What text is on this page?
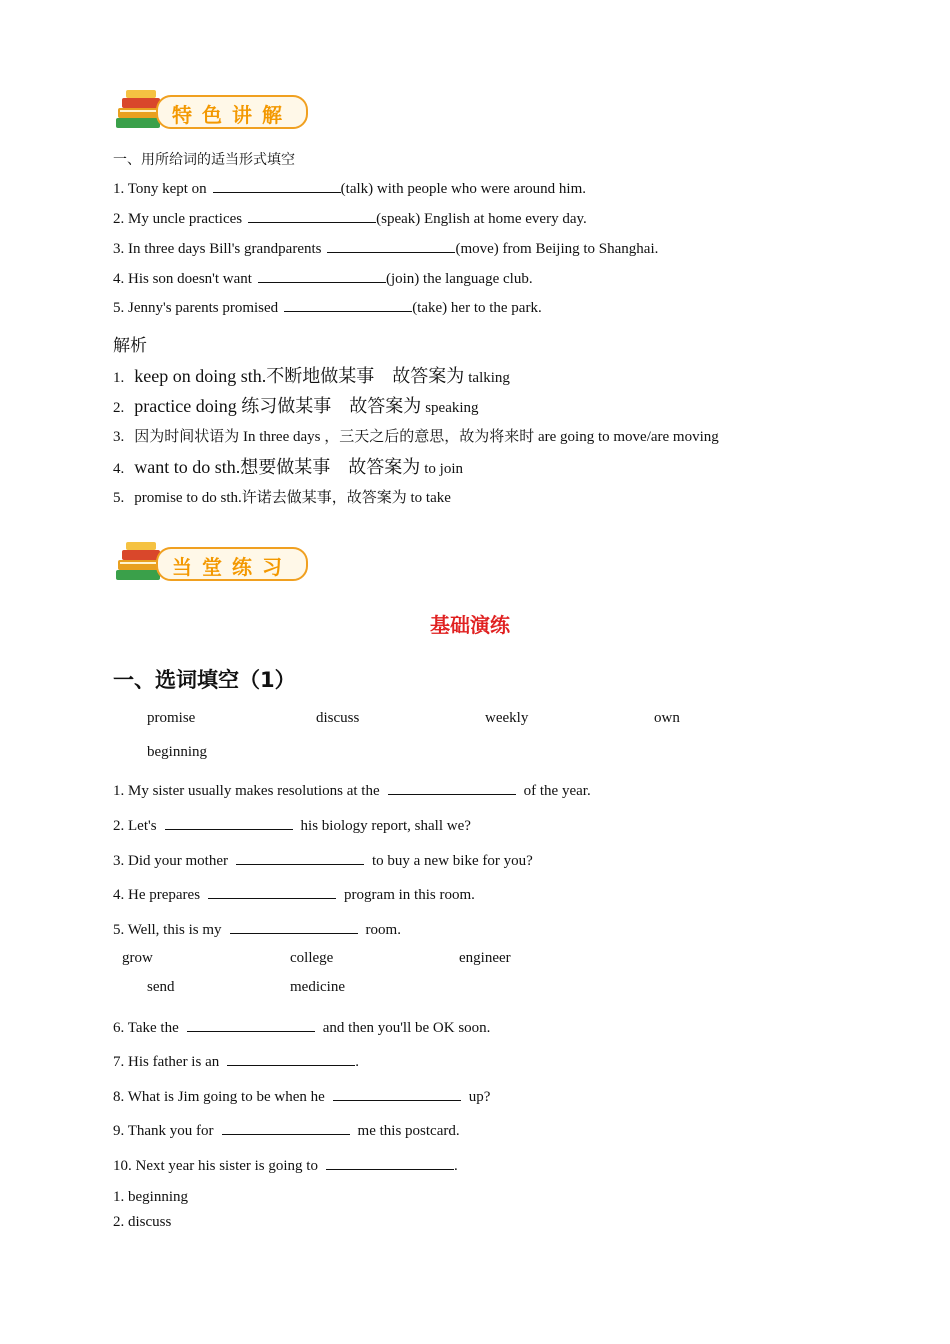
特色讲解
一、用所给词的适当形式填空
1. Tony kept on	(talk) with people who were around him.
2. My uncle practices	(speak) English at home every day.
3. In three days Bill's grandparents	(move) from Beijing to Shanghai.
4. His son doesn't want	(join) the language club.
5. Jenny's parents promised	(take) her to the park.
解析
1. keep on doing sth.不断地做某事 故答案为 talking
2. practice doing 练习做某事 故答案为 speaking
3. 因为时间状语为 In three days ，三天之后的意思，故为将来时 are going to move/are moving
4. want to do sth.想要做某事 故答案为 to join
5. promise to do sth.许诺去做某事，故答案为 to take
当堂练习
基础演练
一、选词填空（1）
promise	discuss	weekly	own
beginning
1. My sister usually makes resolutions at the	of the year.
2. Let's	his biology report, shall we?
3. Did your mother	to buy a new bike for you?
4. He prepares	program in this room.
5. Well, this is my	room.
grow	college	engineer
send	medicine
6. Take the	and then you'll be OK soon.
7. His father is an	.
8. What is Jim going to be when he	up?
9. Thank you for	me this postcard.
10. Next year his sister is going to	.
1. beginning
2. discuss
